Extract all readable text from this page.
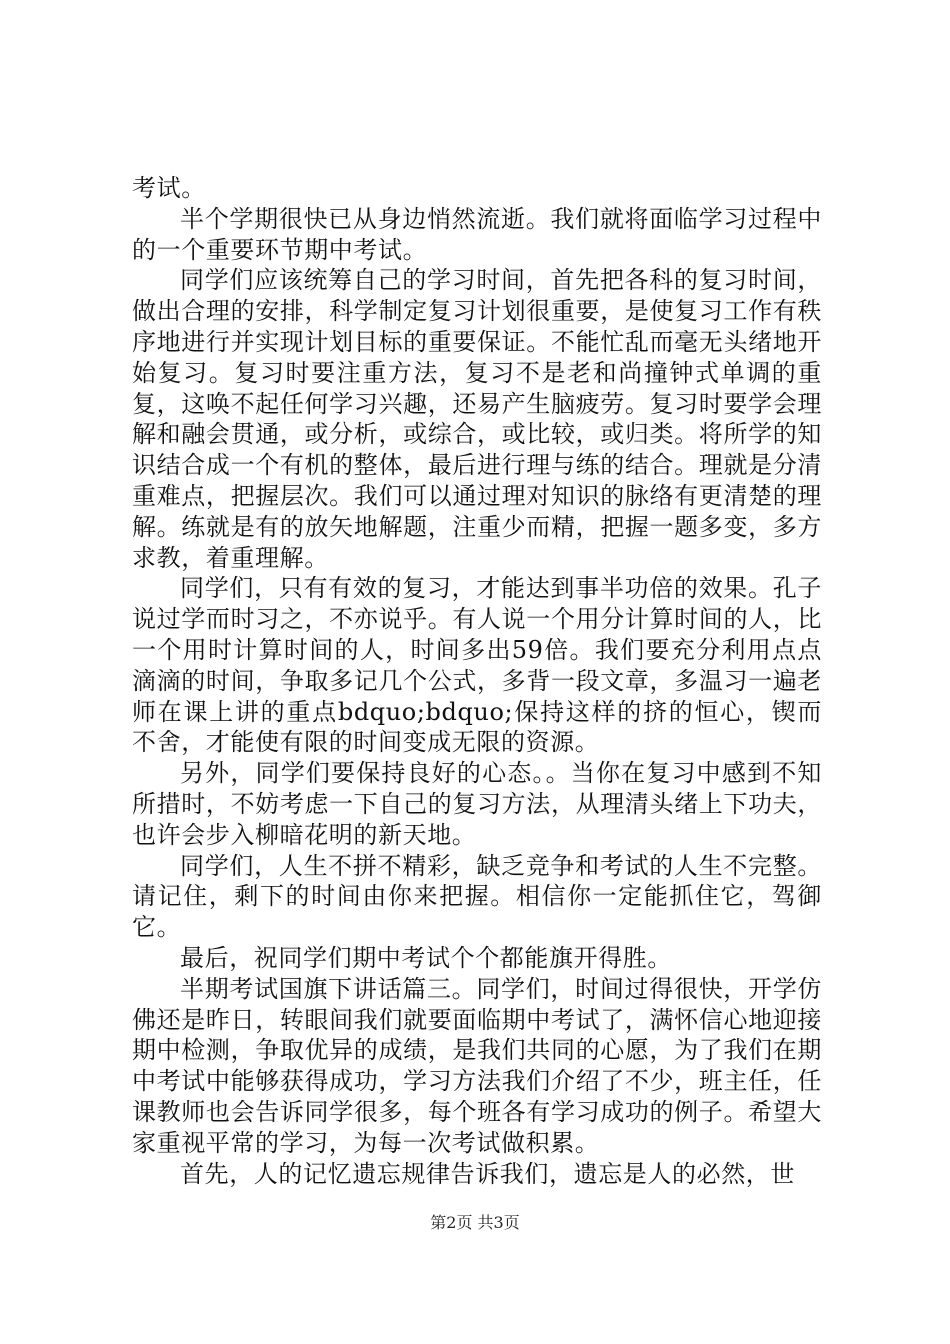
考试。

半个学期很快已从身边悄然流逝。我们就将面临学习过程中的一个重要环节期中考试。

同学们应该统筹自己的学习时间，首先把各科的复习时间，做出合理的安排，科学制定复习计划很重要，是使复习工作有秩序地进行并实现计划目标的重要保证。不能忙乱而毫无头绪地开始复习。复习时要注重方法，复习不是老和尚撞钟式单调的重复，这唤不起任何学习兴趣，还易产生脑疲劳。复习时要学会理解和融会贯通，或分析，或综合，或比较，或归类。将所学的知识结合成一个有机的整体，最后进行理与练的结合。理就是分清重难点，把握层次。我们可以通过理对知识的脉络有更清楚的理解。练就是有的放矢地解题，注重少而精，把握一题多变，多方求教，着重理解。

同学们，只有有效的复习，才能达到事半功倍的效果。孔子说过学而时习之，不亦说乎。有人说一个用分计算时间的人，比一个用时计算时间的人，时间多出59倍。我们要充分利用点点滴滴的时间，争取多记几个公式，多背一段文章，多温习一遍老师在课上讲的重点bdquo;bdquo;保持这样的挤的恒心，锲而不舍，才能使有限的时间变成无限的资源。

另外，同学们要保持良好的心态。。当你在复习中感到不知所措时，不妨考虑一下自己的复习方法，从理清头绪上下功夫，也许会步入柳暗花明的新天地。

同学们，人生不拼不精彩，缺乏竞争和考试的人生不完整。请记住，剩下的时间由你来把握。相信你一定能抓住它，驾御它。

最后，祝同学们期中考试个个都能旗开得胜。

半期考试国旗下讲话篇三。同学们，时间过得很快，开学仿佛还是昨日，转眼间我们就要面临期中考试了，满怀信心地迎接期中检测，争取优异的成绩，是我们共同的心愿，为了我们在期中考试中能够获得成功，学习方法我们介绍了不少，班主任，任课教师也会告诉同学很多，每个班各有学习成功的例子。希望大家重视平常的学习，为每一次考试做积累。

首先，人的记忆遗忘规律告诉我们，遗忘是人的必然，世

第2页 共3页
